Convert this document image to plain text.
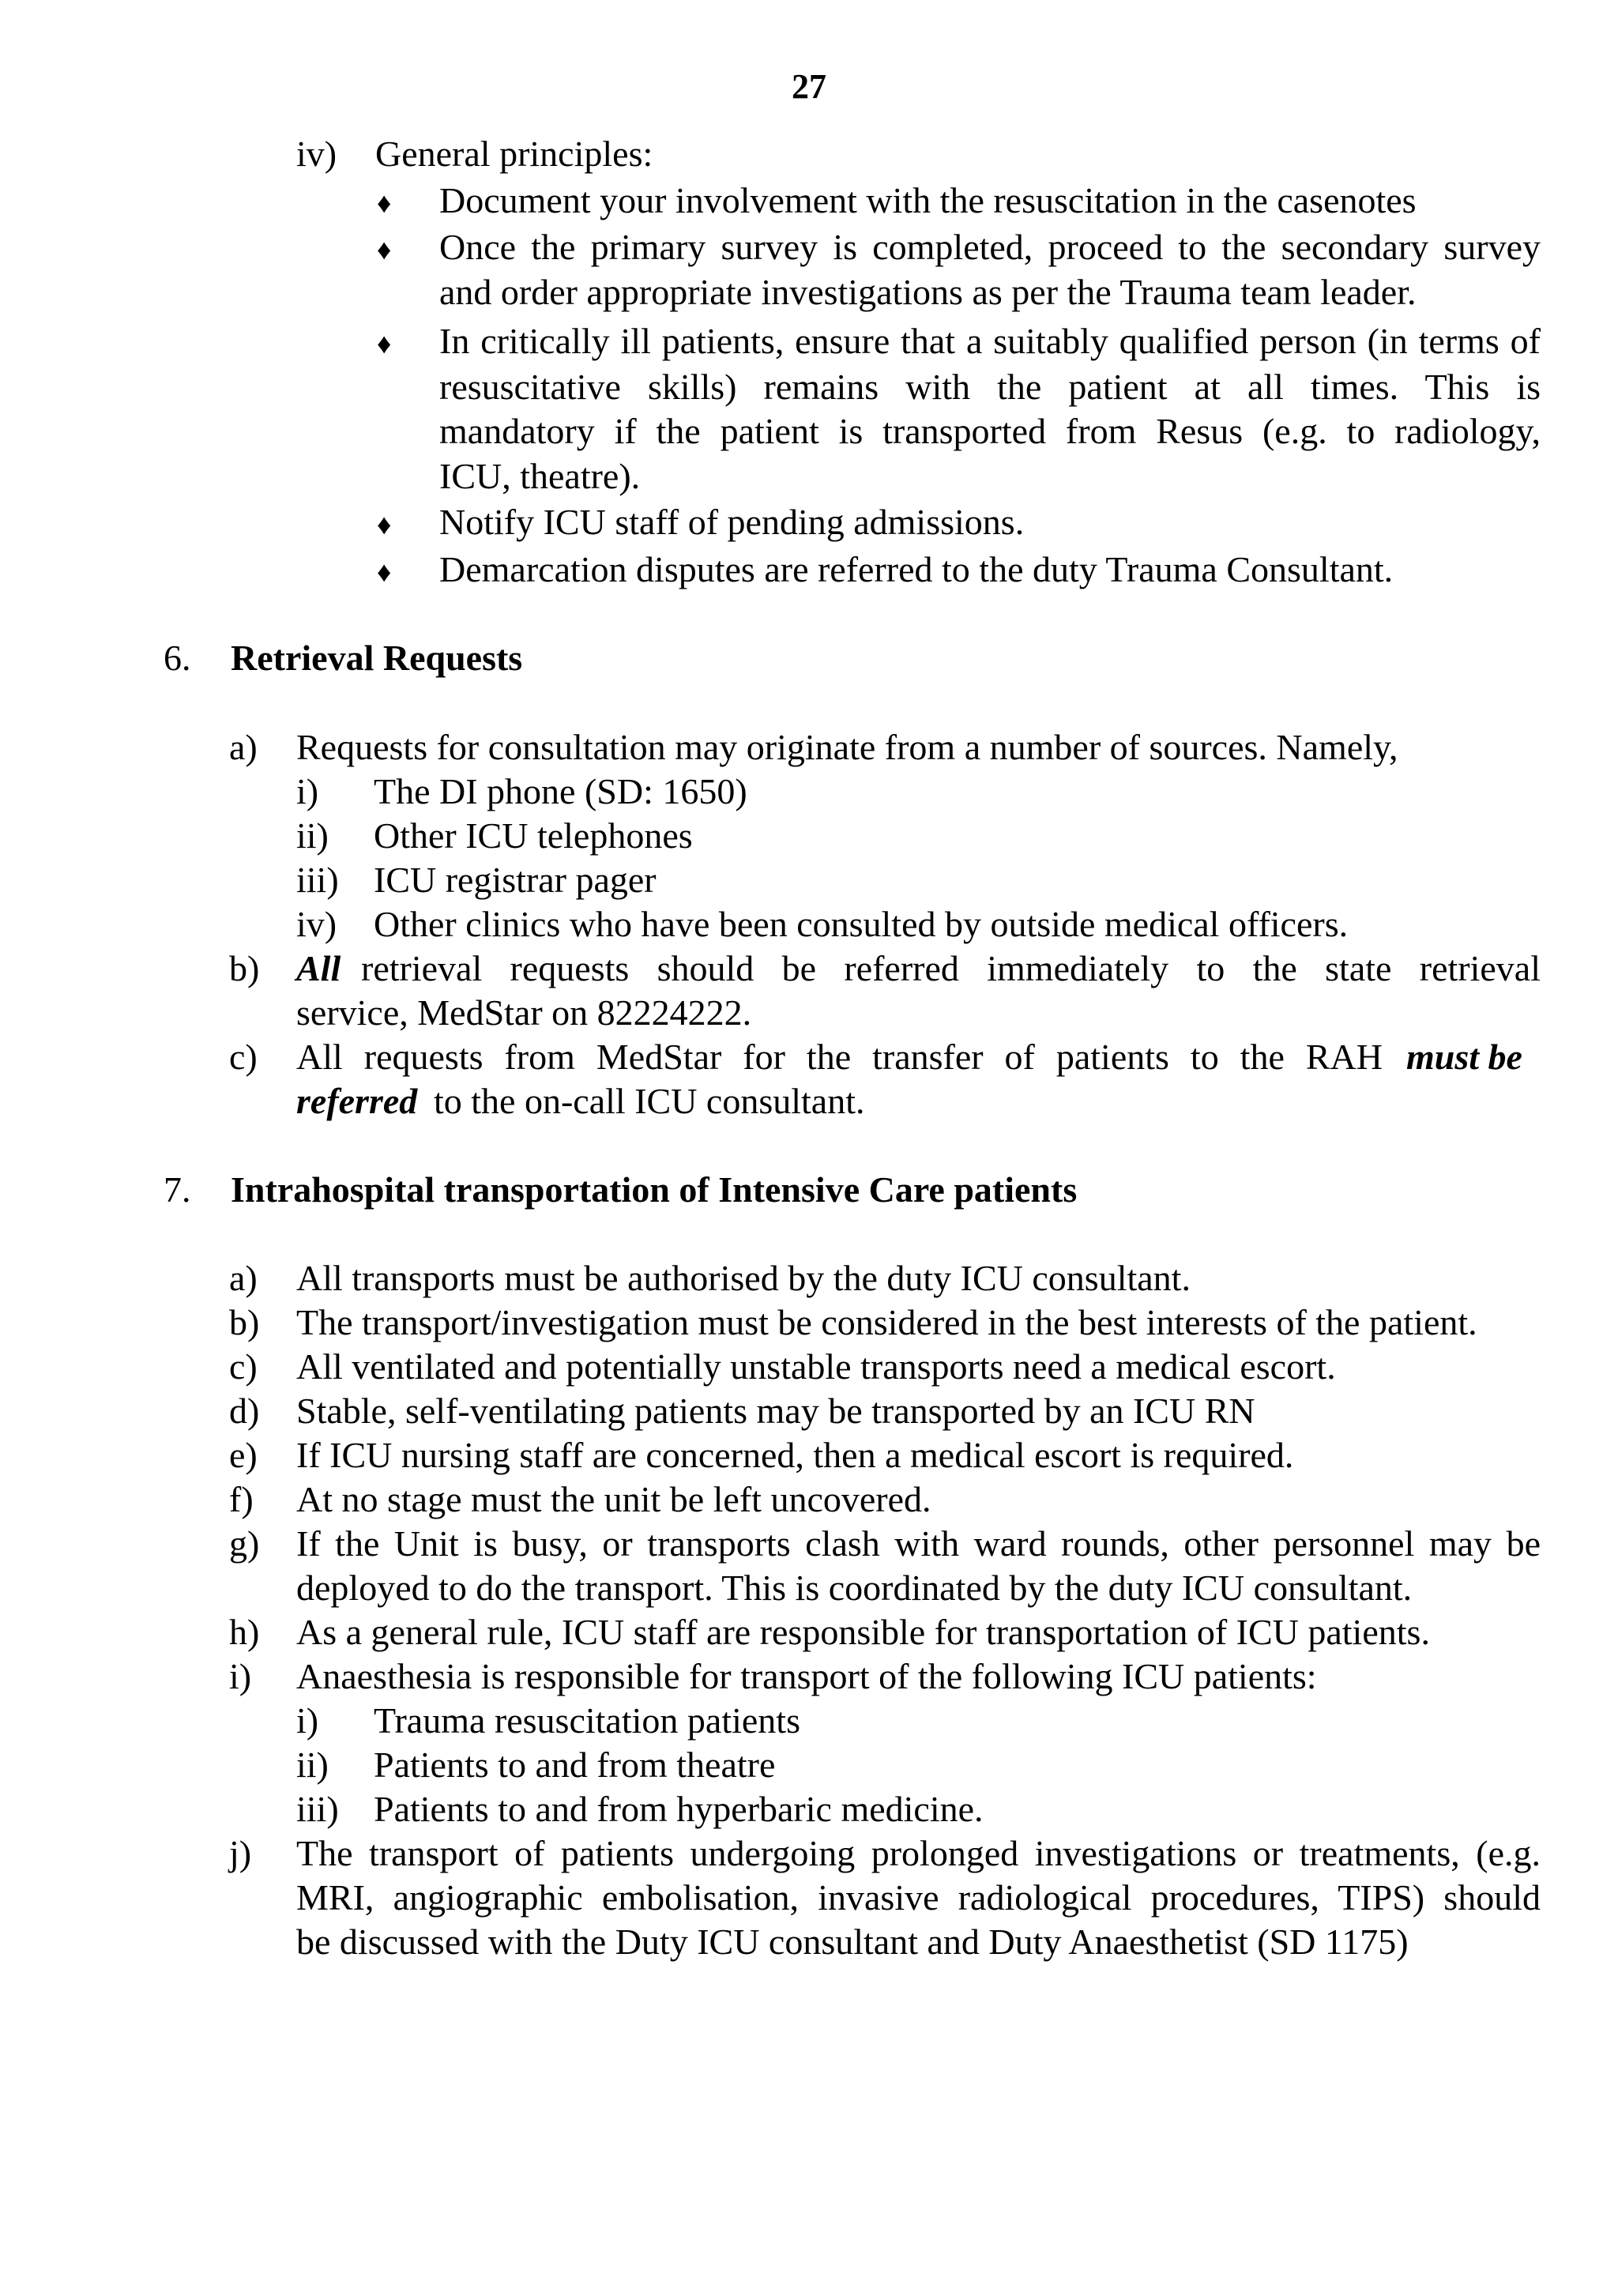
27
iv) General principles:
♦ Document your involvement with the resuscitation in the casenotes
♦ Once the primary survey is completed, proceed to the secondary survey
and order appropriate investigations as per the Trauma team leader.
♦ In critically ill patients, ensure that a suitably qualified person (in terms of
resuscitative skills) remains with the patient at all times. This is
mandatory if the patient is transported from Resus (e.g. to radiology,
ICU, theatre).
♦ Notify ICU staff of pending admissions.
♦ Demarcation disputes are referred to the duty Trauma Consultant.
6. Retrieval Requests
a) Requests for consultation may originate from a number of sources. Namely,
i) The DI phone (SD: 1650)
ii) Other ICU telephones
iii) ICU registrar pager
iv) Other clinics who have been consulted by outside medical officers.
b) All retrieval requests should be referred immediately to the state retrieval
service, MedStar on 82224222.
c) All requests from MedStar for the transfer of patients to the RAH must be
referred to the on-call ICU consultant.
7. Intrahospital transportation of Intensive Care patients
a) All transports must be authorised by the duty ICU consultant.
b) The transport/investigation must be considered in the best interests of the patient.
c) All ventilated and potentially unstable transports need a medical escort.
d) Stable, self-ventilating patients may be transported by an ICU RN
e) If ICU nursing staff are concerned, then a medical escort is required.
f) At no stage must the unit be left uncovered.
g) If the Unit is busy, or transports clash with ward rounds, other personnel may be
deployed to do the transport. This is coordinated by the duty ICU consultant.
h) As a general rule, ICU staff are responsible for transportation of ICU patients.
i) Anaesthesia is responsible for transport of the following ICU patients:
i) Trauma resuscitation patients
ii) Patients to and from theatre
iii) Patients to and from hyperbaric medicine.
j) The transport of patients undergoing prolonged investigations or treatments, (e.g.
MRI, angiographic embolisation, invasive radiological procedures, TIPS) should
be discussed with the Duty ICU consultant and Duty Anaesthetist (SD 1175)
